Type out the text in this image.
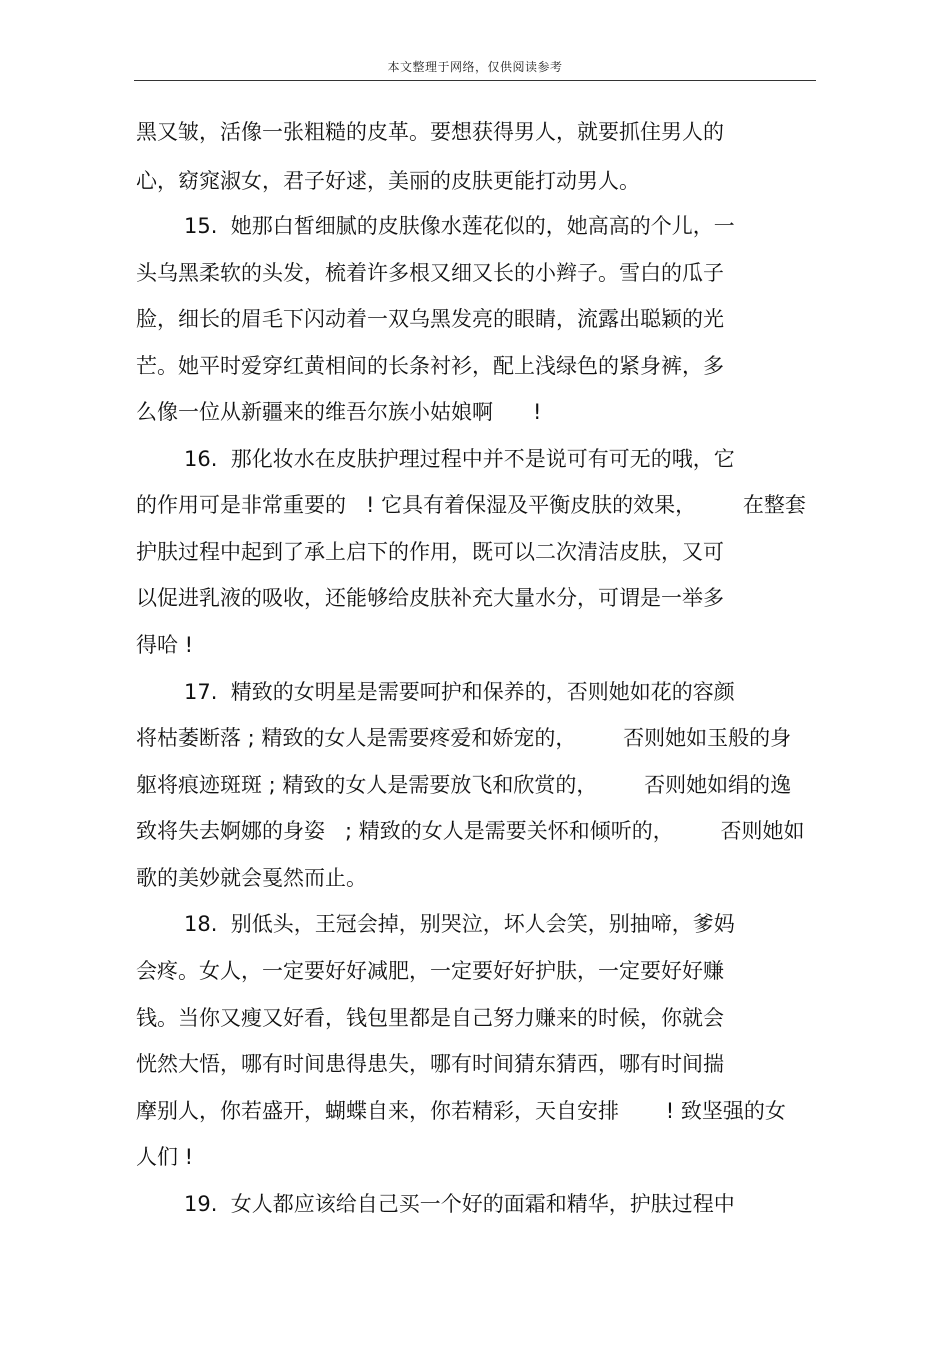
本文整理于网络，仅供阅读参考
黑又皱，活像一张粗糙的皮革。要想获得男人，就要抓住男人的
心，窈窕淑女，君子好逑，美丽的皮肤更能打动男人。
15.  她那白皙细腻的皮肤像水莲花似的，她高高的个儿，一
头乌黑柔软的头发，梳着许多根又细又长的小辫子。雪白的瓜子
脸，细长的眉毛下闪动着一双乌黑发亮的眼睛，流露出聪颖的光
芒。她平时爱穿红黄相间的长条衬衫，配上浅绿色的紧身裤，多
么像一位从新疆来的维吾尔族小姑娘啊      !
16.  那化妆水在皮肤护理过程中并不是说可有可无的哦，它
的作用可是非常重要的   ! 它具有着保湿及平衡皮肤的效果，       在整套
护肤过程中起到了承上启下的作用，既可以二次清洁皮肤，又可
以促进乳液的吸收，还能够给皮肤补充大量水分，可谓是一举多
得哈 !
17.  精致的女明星是需要呵护和保养的，否则她如花的容颜
将枯萎断落 ; 精致的女人是需要疼爱和娇宠的，       否则她如玉般的身
躯将痕迹斑斑 ; 精致的女人是需要放飞和欣赏的，       否则她如绢的逸
致将失去婀娜的身姿   ; 精致的女人是需要关怀和倾听的，       否则她如
歌的美妙就会戛然而止。
18.  别低头，王冠会掉，别哭泣，坏人会笑，别抽啼，爹妈
会疼。女人，一定要好好减肥，一定要好好护肤，一定要好好赚
钱。当你又瘦又好看，钱包里都是自己努力赚来的时候，你就会
恍然大悟，哪有时间患得患失，哪有时间猜东猜西，哪有时间揣
摩别人，你若盛开，蝴蝶自来，你若精彩，天自安排       ! 致坚强的女
人们 !
19.  女人都应该给自己买一个好的面霜和精华，护肤过程中
